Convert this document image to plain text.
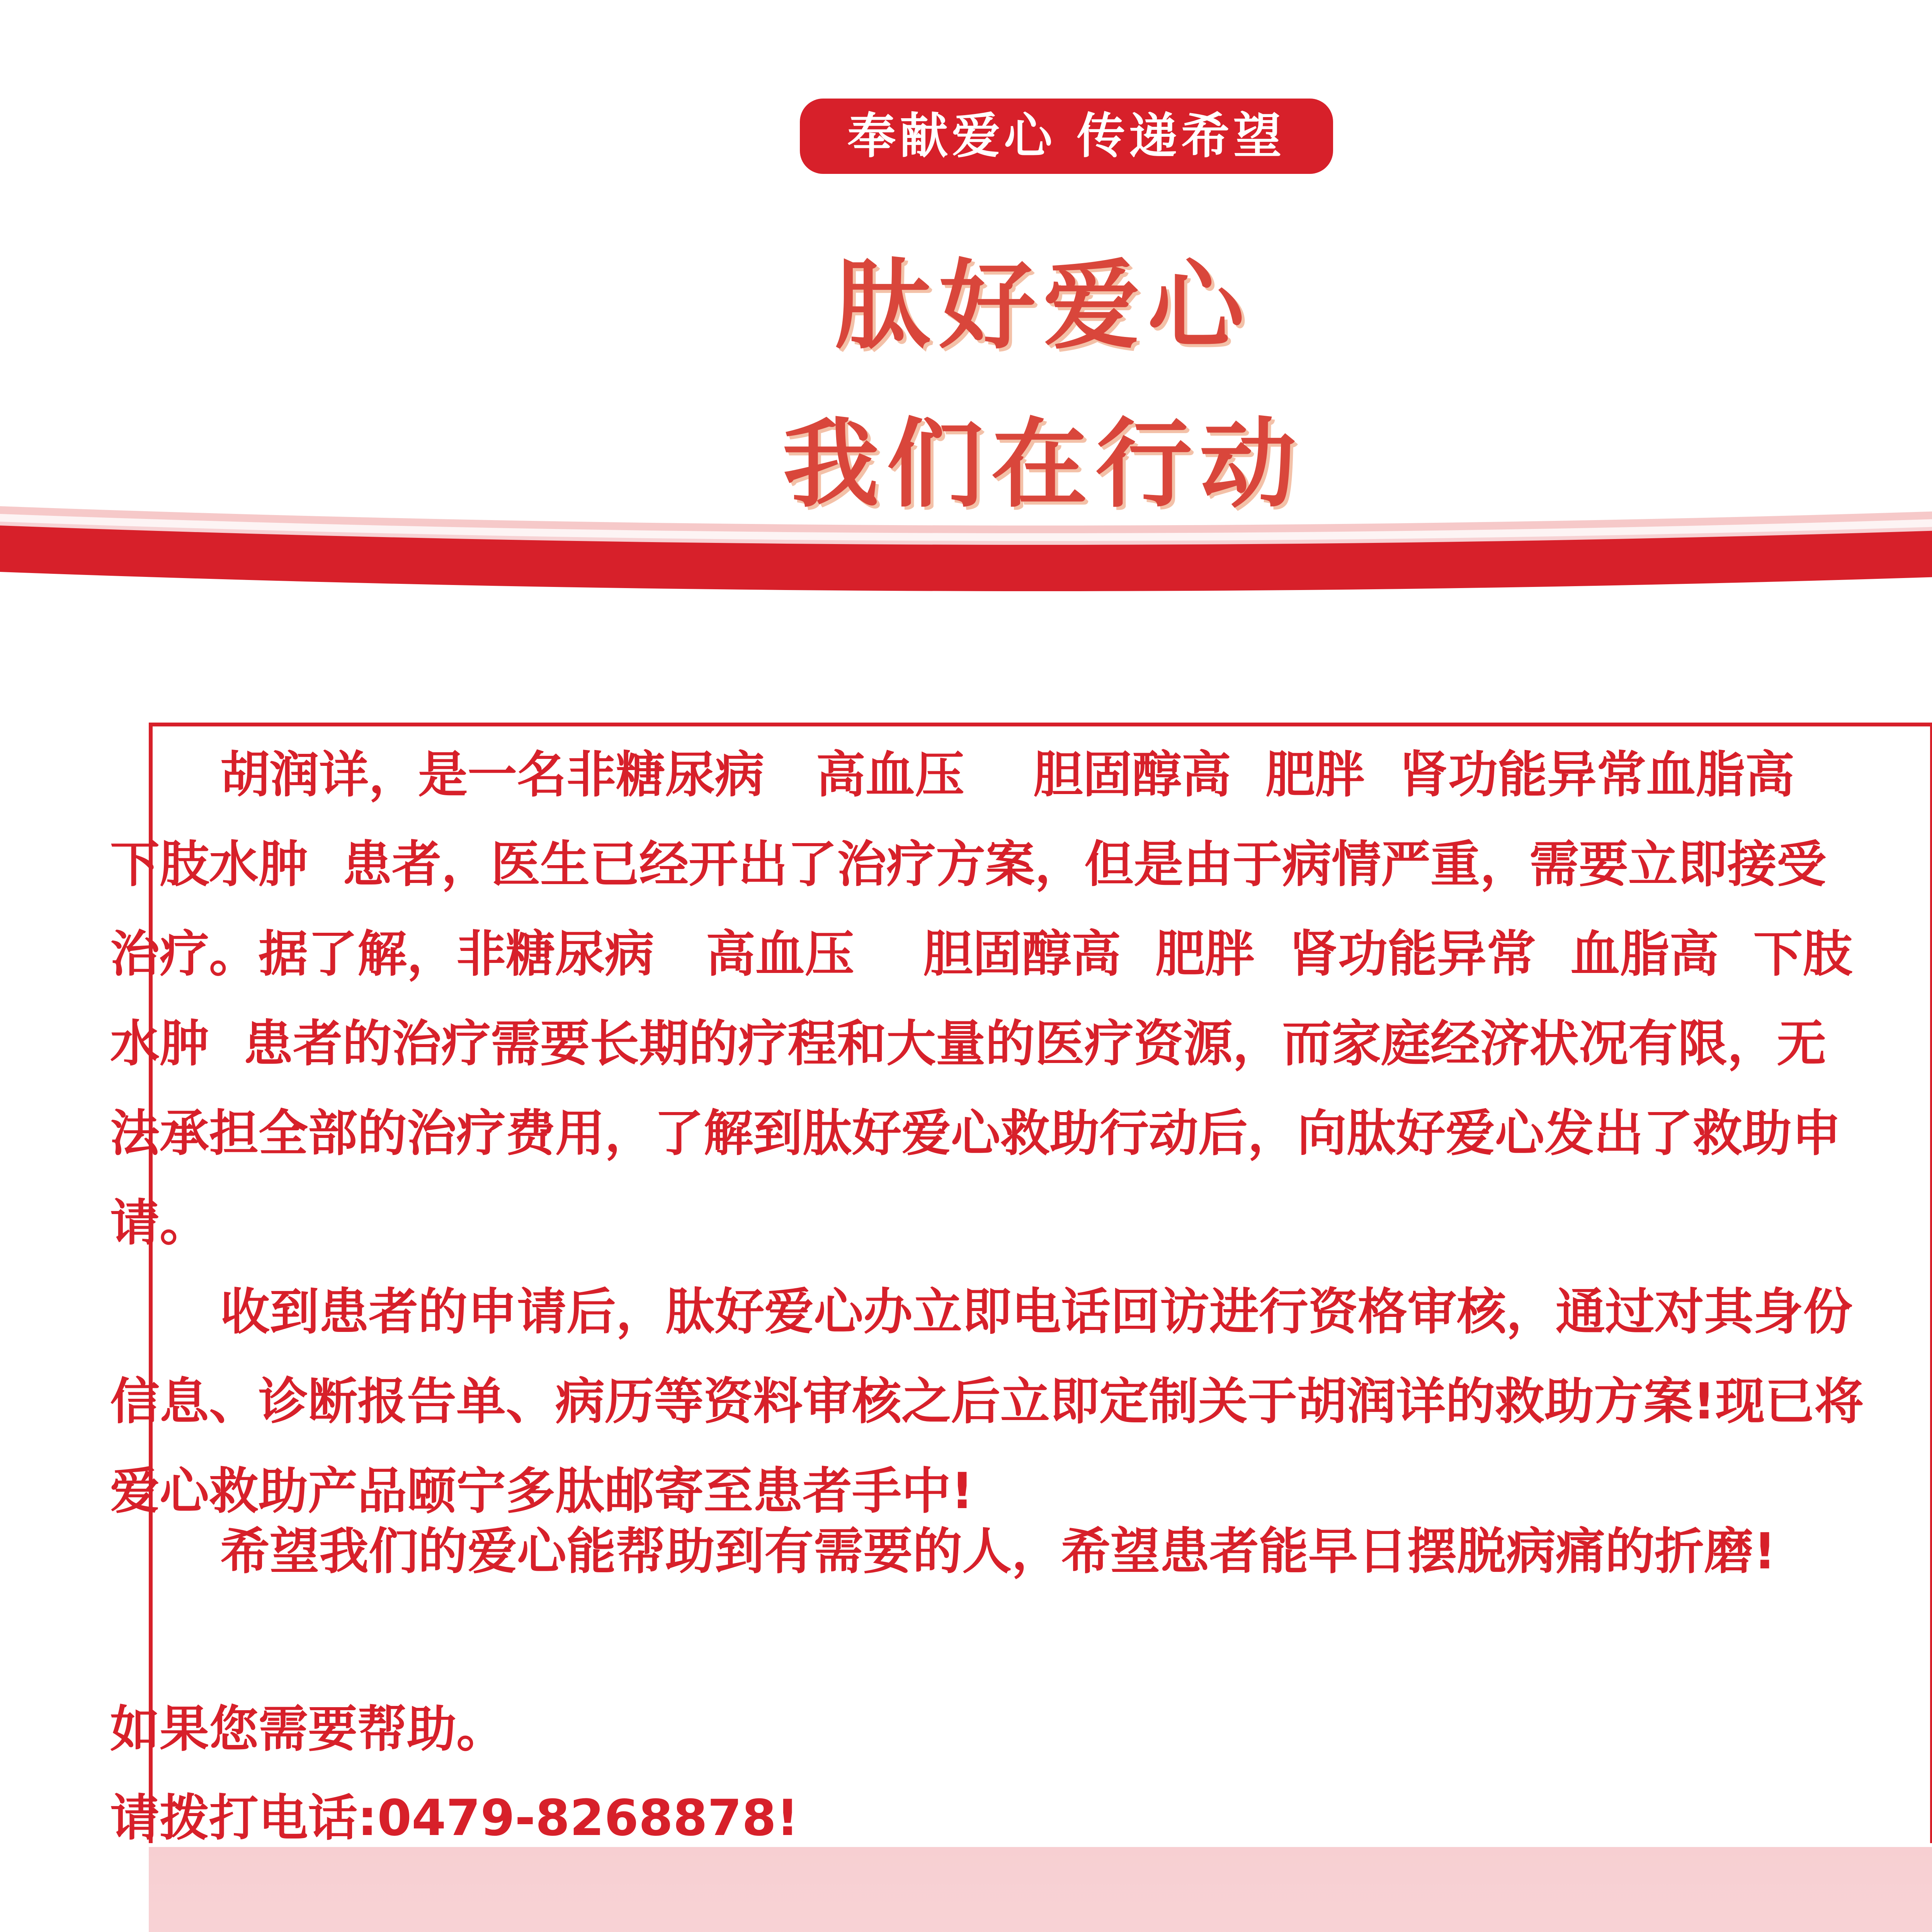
奉献爱心 传递希望
肽好爱心
我们在行动
胡润详，是一名非糖尿病   高血压    胆固醇高  肥胖  肾功能异常血脂高  下肢水肿  患者，医生已经开出了治疗方案，但是由于病情严重，需要立即接受治疗。据了解，非糖尿病   高血压    胆固醇高  肥胖  肾功能异常  血脂高  下肢水肿  患者的治疗需要长期的疗程和大量的医疗资源，而家庭经济状况有限，无法承担全部的治疗费用，了解到肽好爱心救助行动后，向肽好爱心发出了救助申请。
收到患者的申请后，肽好爱心办立即电话回访进行资格审核，通过对其身份信息、诊断报告单、病历等资料审核之后立即定制关于胡润详的救助方案!现已将爱心救助产品颐宁多肽邮寄至患者手中!
希望我们的爱心能帮助到有需要的人，希望患者能早日摆脱病痛的折磨!
如果您需要帮助。
请拨打电话:0479-8268878!
